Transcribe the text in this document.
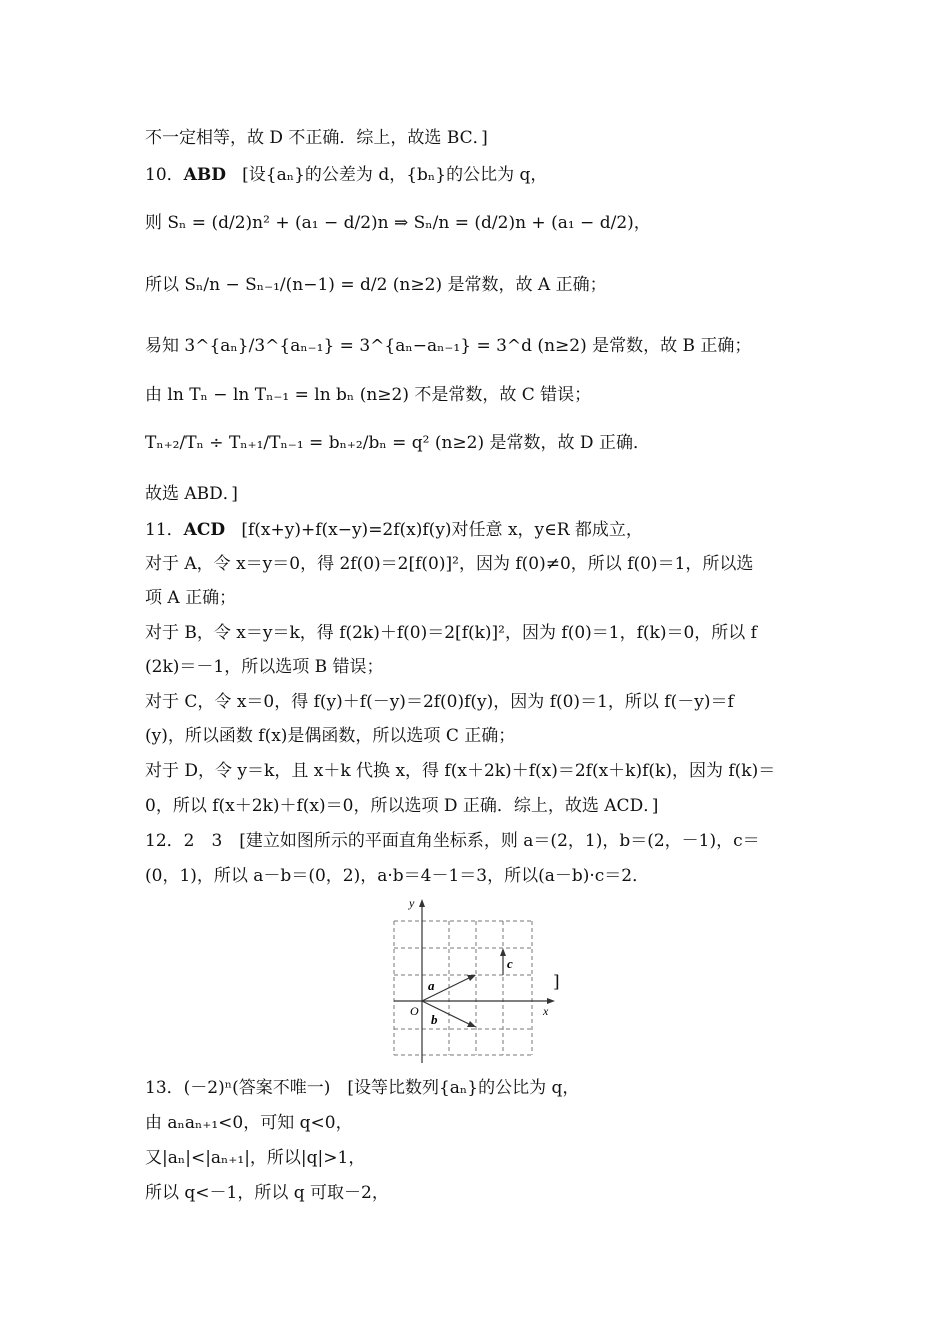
不一定相等，故 D 不正确．综上，故选 BC．]
10．ABD [设{aₙ}的公差为 d，{bₙ}的公比为 q，
则 Sₙ = (d/2)n² + (a₁ − d/2)n ⇒ Sₙ/n = (d/2)n + (a₁ − d/2)，
所以 Sₙ/n − Sₙ₋₁/(n−1) = d/2 (n≥2) 是常数，故 A 正确；
易知 3^{aₙ}/3^{aₙ₋₁} = 3^{aₙ−aₙ₋₁} = 3^d (n≥2) 是常数，故 B 正确；
由 ln Tₙ − ln Tₙ₋₁ = ln bₙ (n≥2) 不是常数，故 C 错误；
Tₙ₊₂/Tₙ ÷ Tₙ₊₁/Tₙ₋₁ = bₙ₊₂/bₙ = q² (n≥2) 是常数，故 D 正确．
故选 ABD．]
11．ACD [f(x+y)+f(x−y)=2f(x)f(y)对任意 x，y∈R 都成立，
对于 A，令 x＝y＝0，得 2f(0)＝2[f(0)]²，因为 f(0)≠0，所以 f(0)＝1，所以选
项 A 正确；
对于 B，令 x＝y＝k，得 f(2k)＋f(0)＝2[f(k)]²，因为 f(0)＝1，f(k)＝0，所以 f
(2k)＝－1，所以选项 B 错误；
对于 C，令 x＝0，得 f(y)＋f(－y)＝2f(0)f(y)，因为 f(0)＝1，所以 f(－y)＝f
(y)，所以函数 f(x)是偶函数，所以选项 C 正确；
对于 D，令 y＝k，且 x＋k 代换 x，得 f(x＋2k)＋f(x)＝2f(x＋k)f(k)，因为 f(k)＝
0，所以 f(x＋2k)＋f(x)＝0，所以选项 D 正确．综上，故选 ACD．]
12．2　3　[建立如图所示的平面直角坐标系，则 a＝(2，1)，b＝(2，－1)，c＝
(0，1)，所以 a－b＝(0，2)，a·b＝4－1＝3，所以(a－b)·c＝2．
y
x
O
a
b
c
]
13．(－2)ⁿ(答案不唯一)　[设等比数列{aₙ}的公比为 q，
由 aₙaₙ₊₁<0，可知 q<0，
又|aₙ|<|aₙ₊₁|，所以|q|>1，
所以 q<－1，所以 q 可取－2，
